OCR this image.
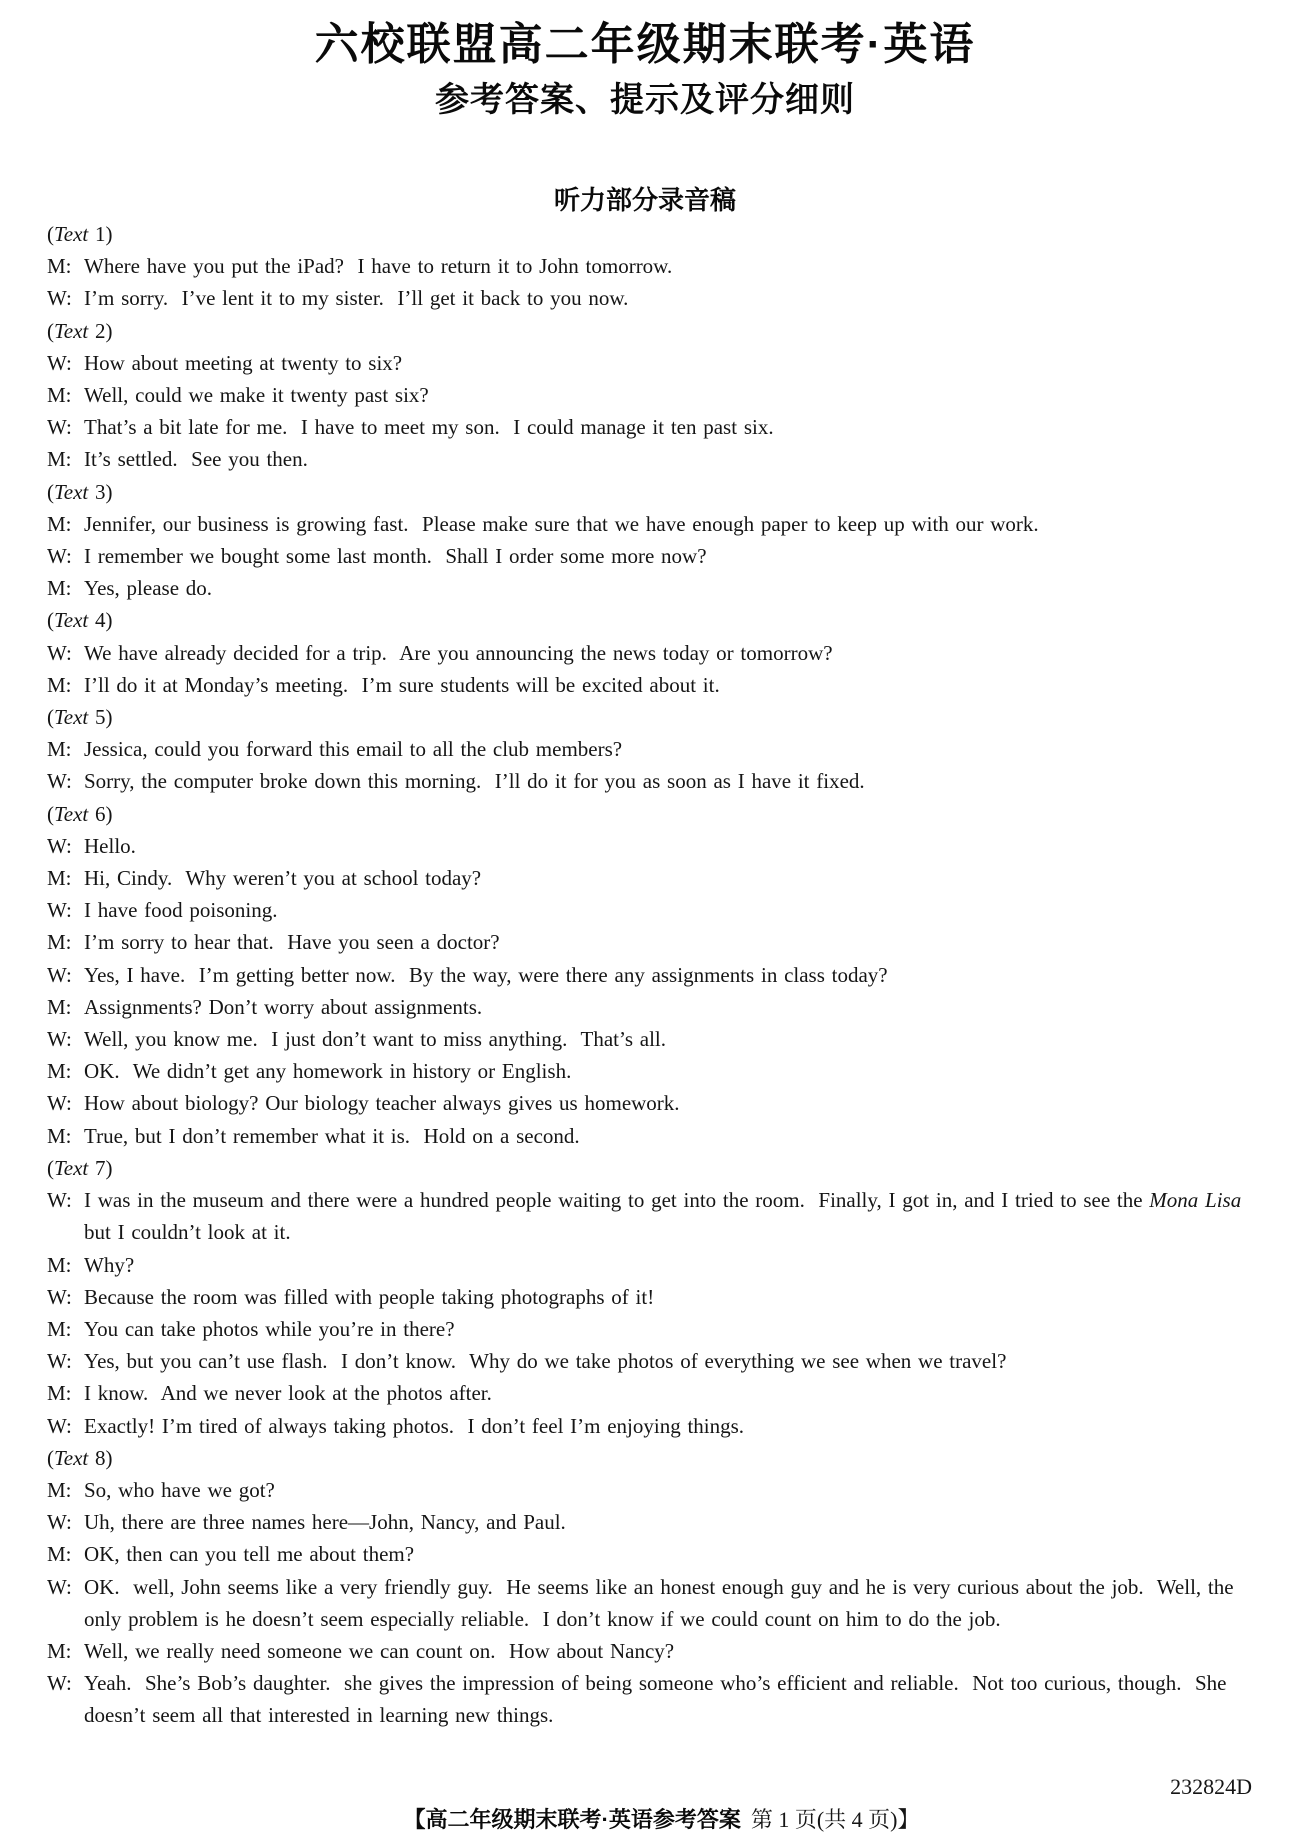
六校联盟高二年级期末联考·英语
参考答案、提示及评分细则
听力部分录音稿
(Text 1)
M: Where have you put the iPad?  I have to return it to John tomorrow.
W: I’m sorry.  I’ve lent it to my sister.  I’ll get it back to you now.
(Text 2)
W: How about meeting at twenty to six?
M: Well, could we make it twenty past six?
W: That’s a bit late for me.  I have to meet my son.  I could manage it ten past six.
M: It’s settled.  See you then.
(Text 3)
M: Jennifer, our business is growing fast.  Please make sure that we have enough paper to keep up with our work.
W: I remember we bought some last month.  Shall I order some more now?
M: Yes, please do.
(Text 4)
W: We have already decided for a trip.  Are you announcing the news today or tomorrow?
M: I’ll do it at Monday’s meeting.  I’m sure students will be excited about it.
(Text 5)
M: Jessica, could you forward this email to all the club members?
W: Sorry, the computer broke down this morning.  I’ll do it for you as soon as I have it fixed.
(Text 6)
W: Hello.
M: Hi, Cindy.  Why weren’t you at school today?
W: I have food poisoning.
M: I’m sorry to hear that.  Have you seen a doctor?
W: Yes, I have.  I’m getting better now.  By the way, were there any assignments in class today?
M: Assignments? Don’t worry about assignments.
W: Well, you know me.  I just don’t want to miss anything.  That’s all.
M: OK.  We didn’t get any homework in history or English.
W: How about biology? Our biology teacher always gives us homework.
M: True, but I don’t remember what it is.  Hold on a second.
(Text 7)
W: I was in the museum and there were a hundred people waiting to get into the room.  Finally, I got in, and I tried to see the Mona Lisa but I couldn’t look at it.
M: Why?
W: Because the room was filled with people taking photographs of it!
M: You can take photos while you’re in there?
W: Yes, but you can’t use flash.  I don’t know.  Why do we take photos of everything we see when we travel?
M: I know.  And we never look at the photos after.
W: Exactly! I’m tired of always taking photos.  I don’t feel I’m enjoying things.
(Text 8)
M: So, who have we got?
W: Uh, there are three names here—John, Nancy, and Paul.
M: OK, then can you tell me about them?
W: OK.  well, John seems like a very friendly guy.  He seems like an honest enough guy and he is very curious about the job.  Well, the only problem is he doesn’t seem especially reliable.  I don’t know if we could count on him to do the job.
M: Well, we really need someone we can count on.  How about Nancy?
W: Yeah.  She’s Bob’s daughter.  she gives the impression of being someone who’s efficient and reliable.  Not too curious, though.  She doesn’t seem all that interested in learning new things.

【高二年级期末联考·英语参考答案 第 1 页(共 4 页)】

232824D
